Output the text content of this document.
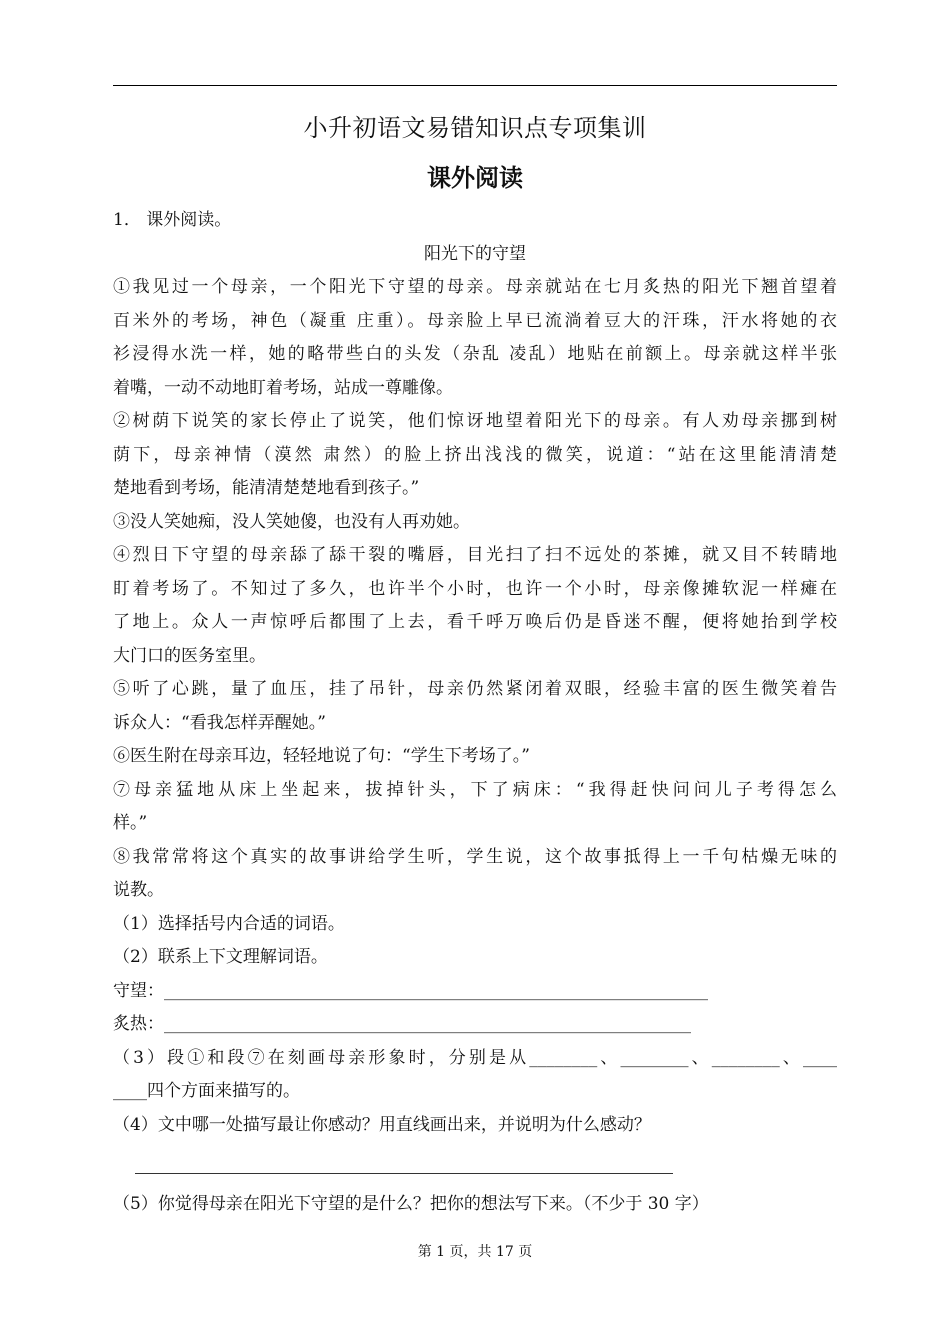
小升初语文易错知识点专项集训
课外阅读
1． 课外阅读。
阳光下的守望
①我见过一个母亲，一个阳光下守望的母亲。母亲就站在七月炙热的阳光下翘首望着
百米外的考场，神色（凝重 庄重）。母亲脸上早已流淌着豆大的汗珠，汗水将她的衣
衫浸得水洗一样，她的略带些白的头发（杂乱 凌乱）地贴在前额上。母亲就这样半张
着嘴，一动不动地盯着考场，站成一尊雕像。
②树荫下说笑的家长停止了说笑，他们惊讶地望着阳光下的母亲。有人劝母亲挪到树
荫下，母亲神情（漠然 肃然）的脸上挤出浅浅的微笑，说道：“站在这里能清清楚
楚地看到考场，能清清楚楚地看到孩子。”
③没人笑她痴，没人笑她傻，也没有人再劝她。
④烈日下守望的母亲舔了舔干裂的嘴唇，目光扫了扫不远处的茶摊，就又目不转睛地
盯着考场了。不知过了多久，也许半个小时，也许一个小时，母亲像摊软泥一样瘫在
了地上。众人一声惊呼后都围了上去，看千呼万唤后仍是昏迷不醒，便将她抬到学校
大门口的医务室里。
⑤听了心跳，量了血压，挂了吊针，母亲仍然紧闭着双眼，经验丰富的医生微笑着告
诉众人：“看我怎样弄醒她。”
⑥医生附在母亲耳边，轻轻地说了句：“学生下考场了。”
⑦母亲猛地从床上坐起来，拔掉针头，下了病床：“我得赶快问问儿子考得怎么
样。”
⑧我常常将这个真实的故事讲给学生听，学生说，这个故事抵得上一千句枯燥无味的
说教。
（1）选择括号内合适的词语。
（2）联系上下文理解词语。
守望：________________________________________________________________
炙热：______________________________________________________________
（3）段①和段⑦在刻画母亲形象时，分别是从________、________、________、____
____四个方面来描写的。
（4）文中哪一处描写最让你感动？用直线画出来，并说明为什么感动？
（5）你觉得母亲在阳光下守望的是什么？把你的想法写下来。（不少于 30 字）
第 1 页，共 17 页
